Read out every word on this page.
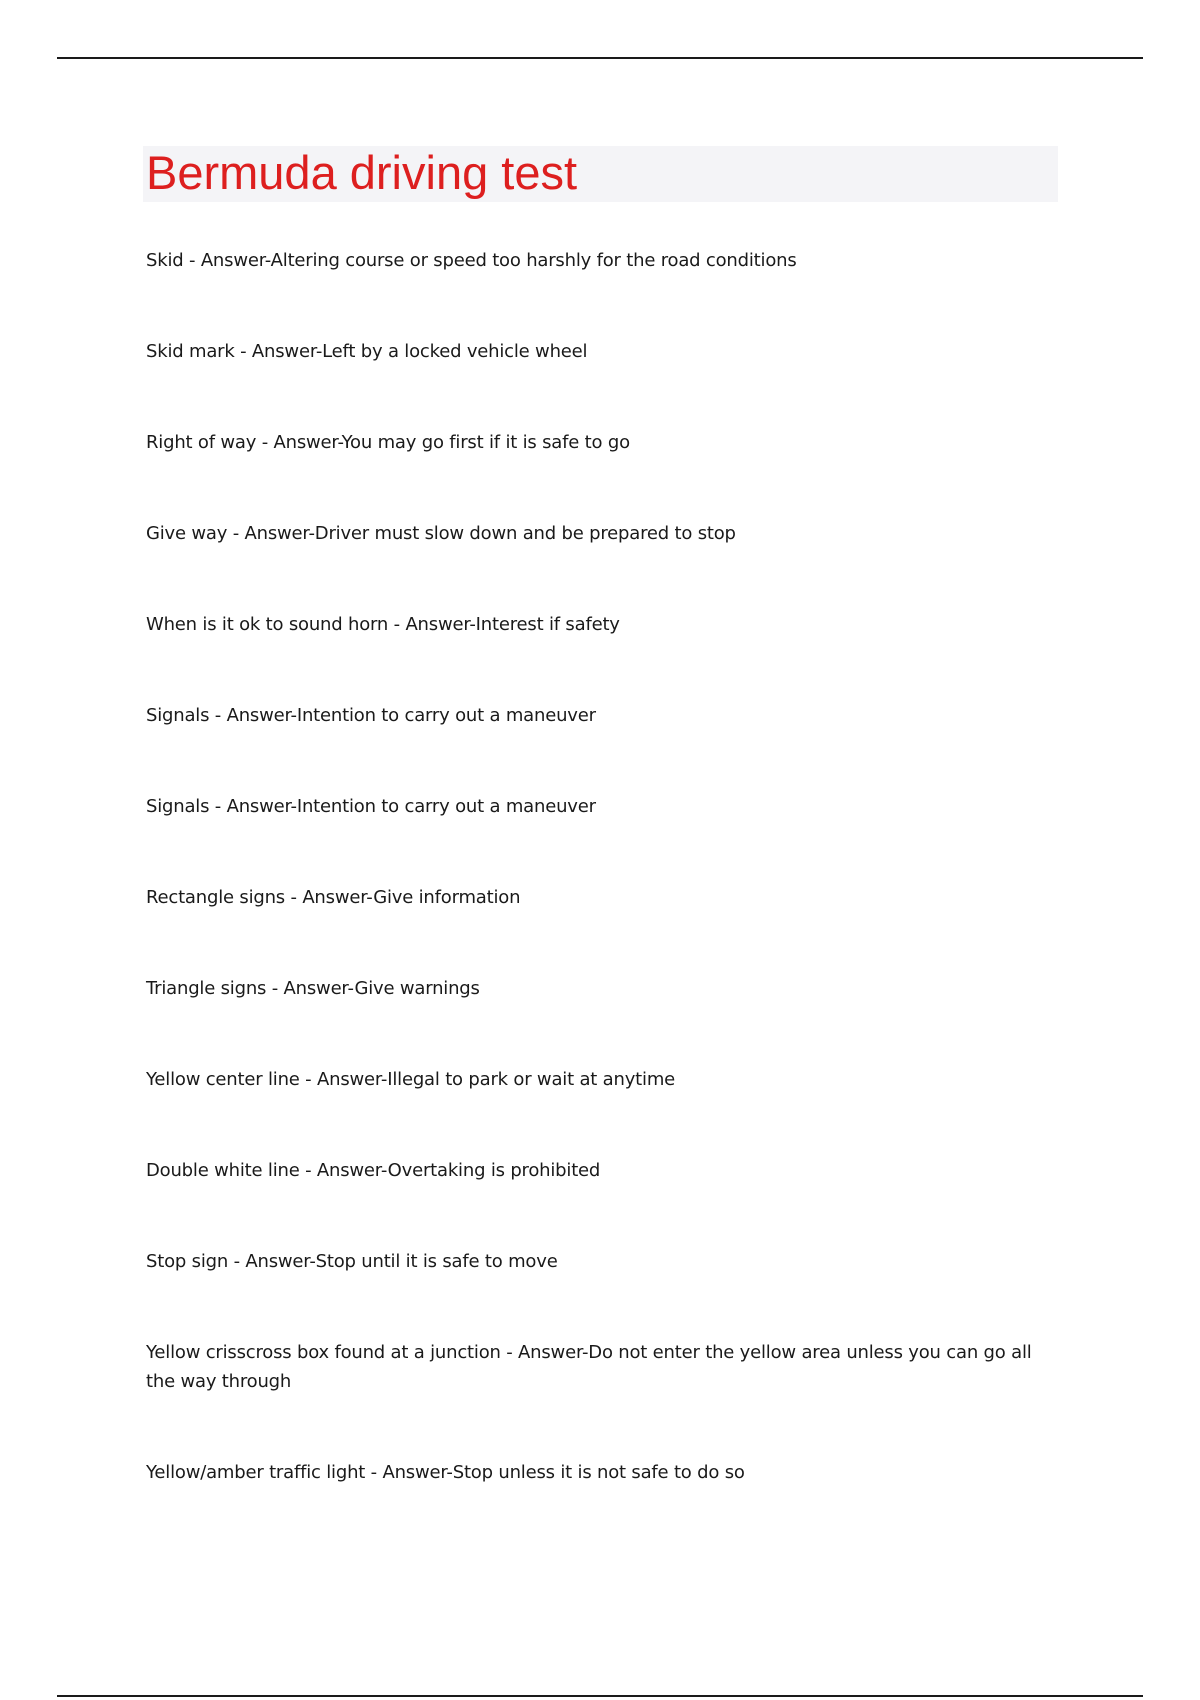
Bermuda driving test
Skid - Answer-Altering course or speed too harshly for the road conditions
Skid mark - Answer-Left by a locked vehicle wheel
Right of way - Answer-You may go first if it is safe to go
Give way - Answer-Driver must slow down and be prepared to stop
When is it ok to sound horn - Answer-Interest if safety
Signals - Answer-Intention to carry out a maneuver
Signals - Answer-Intention to carry out a maneuver
Rectangle signs - Answer-Give information
Triangle signs - Answer-Give warnings
Yellow center line - Answer-Illegal to park or wait at anytime
Double white line - Answer-Overtaking is prohibited
Stop sign - Answer-Stop until it is safe to move
Yellow crisscross box found at a junction - Answer-Do not enter the yellow area unless you can go all the way through
Yellow/amber traffic light - Answer-Stop unless it is not safe to do so
